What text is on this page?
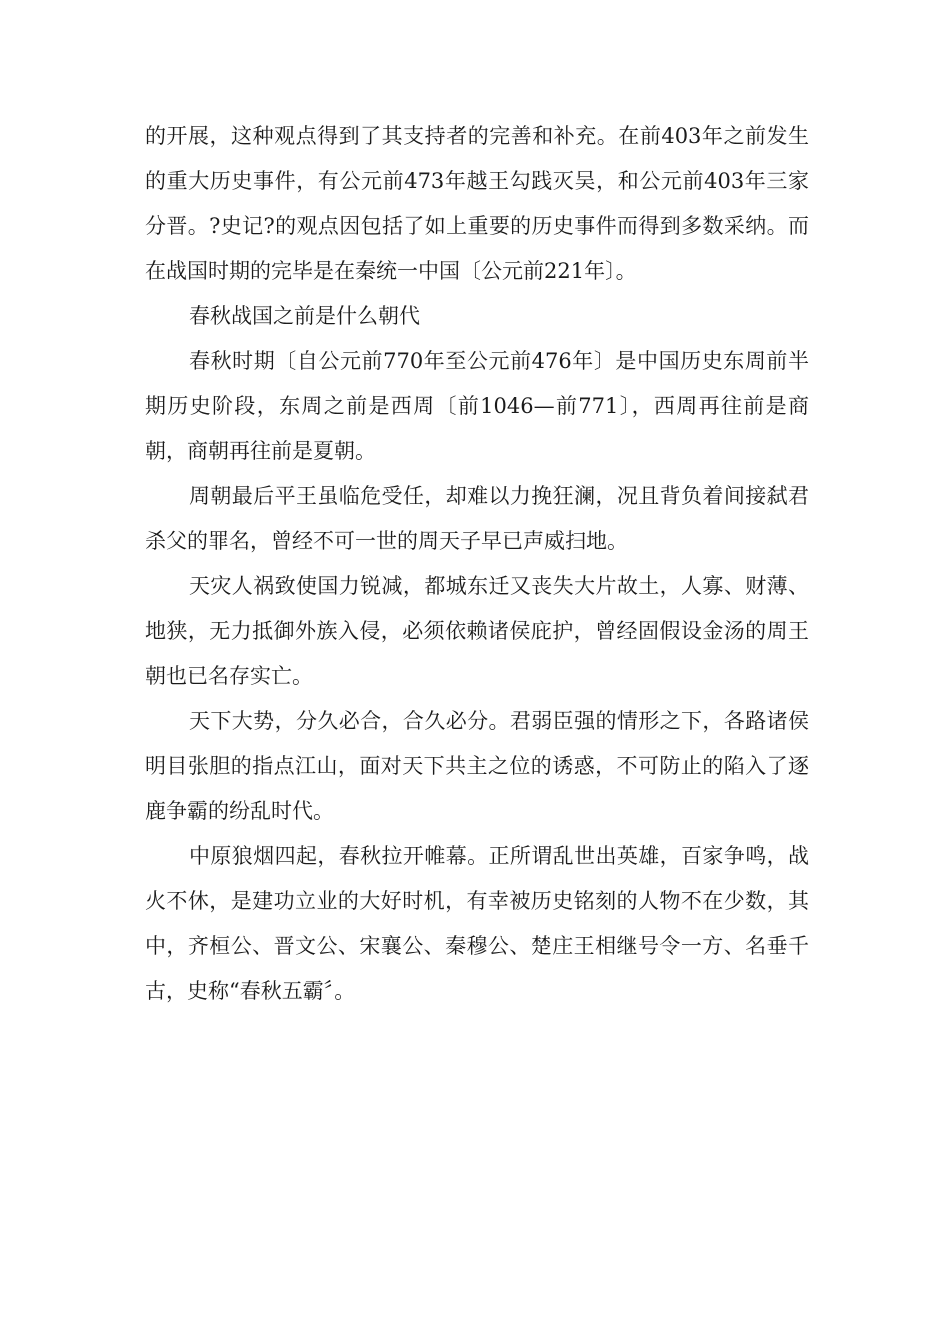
的开展，这种观点得到了其支持者的完善和补充。在前403年之前发生的重大历史事件，有公元前473年越王勾践灭吴，和公元前403年三家分晋。?史记?的观点因包括了如上重要的历史事件而得到多数采纳。而在战国时期的完毕是在秦统一中国〔公元前221年〕。

春秋战国之前是什么朝代

春秋时期〔自公元前770年至公元前476年〕是中国历史东周前半期历史阶段，东周之前是西周〔前1046—前771〕，西周再往前是商朝，商朝再往前是夏朝。

周朝最后平王虽临危受任，却难以力挽狂澜，况且背负着间接弑君杀父的罪名，曾经不可一世的周天子早已声威扫地。

天灾人祸致使国力锐减，都城东迁又丧失大片故土，人寡、财薄、地狭，无力抵御外族入侵，必须依赖诸侯庇护，曾经固假设金汤的周王朝也已名存实亡。

天下大势，分久必合，合久必分。君弱臣强的情形之下，各路诸侯明目张胆的指点江山，面对天下共主之位的诱惑，不可防止的陷入了逐鹿争霸的纷乱时代。

中原狼烟四起，春秋拉开帷幕。正所谓乱世出英雄，百家争鸣，战火不休，是建功立业的大好时机，有幸被历史铭刻的人物不在少数，其中，齐桓公、晋文公、宋襄公、秦穆公、楚庄王相继号令一方、名垂千古，史称“春秋五霸〞。
